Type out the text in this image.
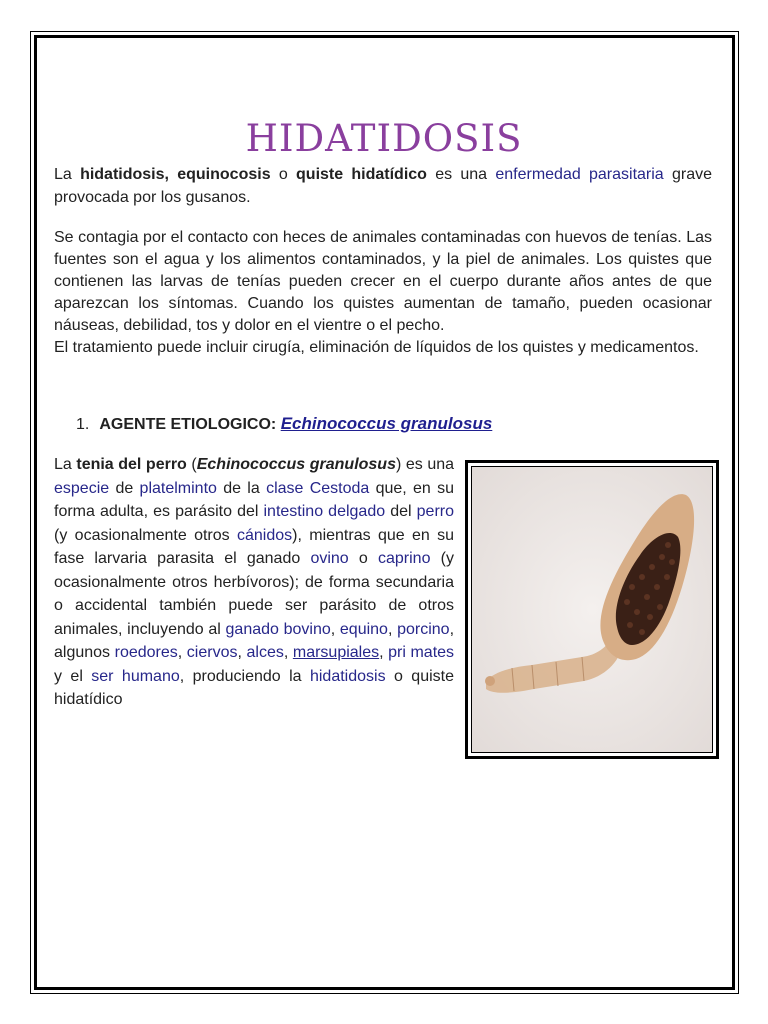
HIDATIDOSIS

La hidatidosis, equinocosis o quiste hidatídico es una enfermedad parasitaria grave provocada por los gusanos.

Se contagia por el contacto con heces de animales contaminadas con huevos de tenías. Las fuentes son el agua y los alimentos contaminados, y la piel de animales. Los quistes que contienen las larvas de tenías pueden crecer en el cuerpo durante años antes de que aparezcan los síntomas. Cuando los quistes aumentan de tamaño, pueden ocasionar náuseas, debilidad, tos y dolor en el vientre o el pecho.
El tratamiento puede incluir cirugía, eliminación de líquidos de los quistes y medicamentos.

1. AGENTE ETIOLOGICO: Echinococcus granulosus

La tenia del perro (Echinococcus granulosus) es una especie de platelminto de la clase Cestoda que, en su forma adulta, es parásito del intestino delgado del perro (y ocasionalmente otros cánidos), mientras que en su fase larvaria parasita el ganado ovino o caprino (y ocasionalmente otros herbívoros); de forma secundaria o accidental también puede ser parásito de otros animales, incluyendo al ganado bovino, equino, porcino, algunos roedores, ciervos, alces, marsupiales, pri mates y el ser humano, produciendo la hidatidosis o quiste hidatídico
